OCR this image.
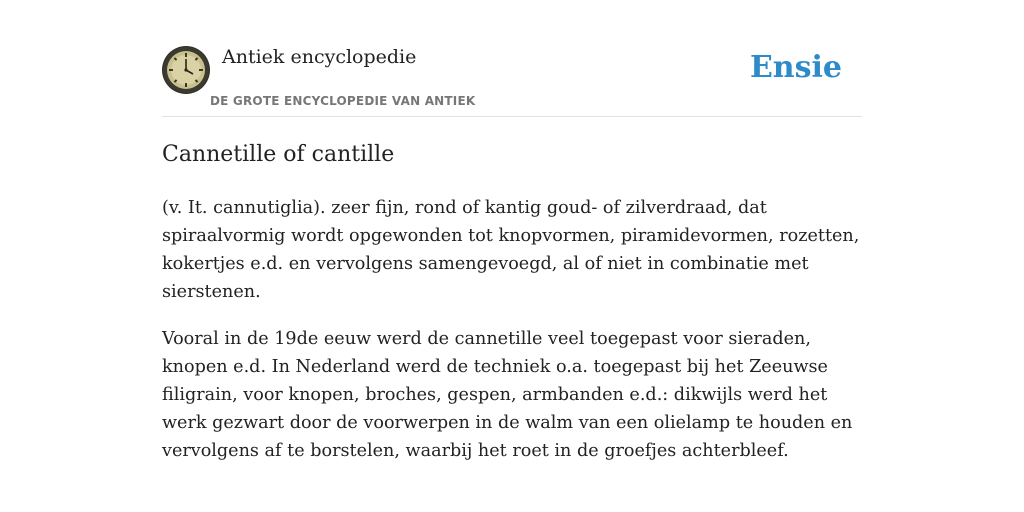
Antiek encyclopedie
DE GROTE ENCYCLOPEDIE VAN ANTIEK
Ensie
Cannetille of cantille

(v. It. cannutiglia). zeer fijn, rond of kantig goud- of zilverdraad, dat spiraalvormig wordt opgewonden tot knopvormen, piramidevormen, rozetten, kokertjes e.d. en vervolgens samengevoegd, al of niet in combinatie met sierstenen.

Vooral in de 19de eeuw werd de cannetille veel toegepast voor sieraden, knopen e.d. In Nederland werd de techniek o.a. toegepast bij het Zeeuwse filigrain, voor knopen, broches, gespen, armbanden e.d.: dikwijls werd het werk gezwart door de voorwerpen in de walm van een olielamp te houden en vervolgens af te borstelen, waarbij het roet in de groefjes achterbleef.
